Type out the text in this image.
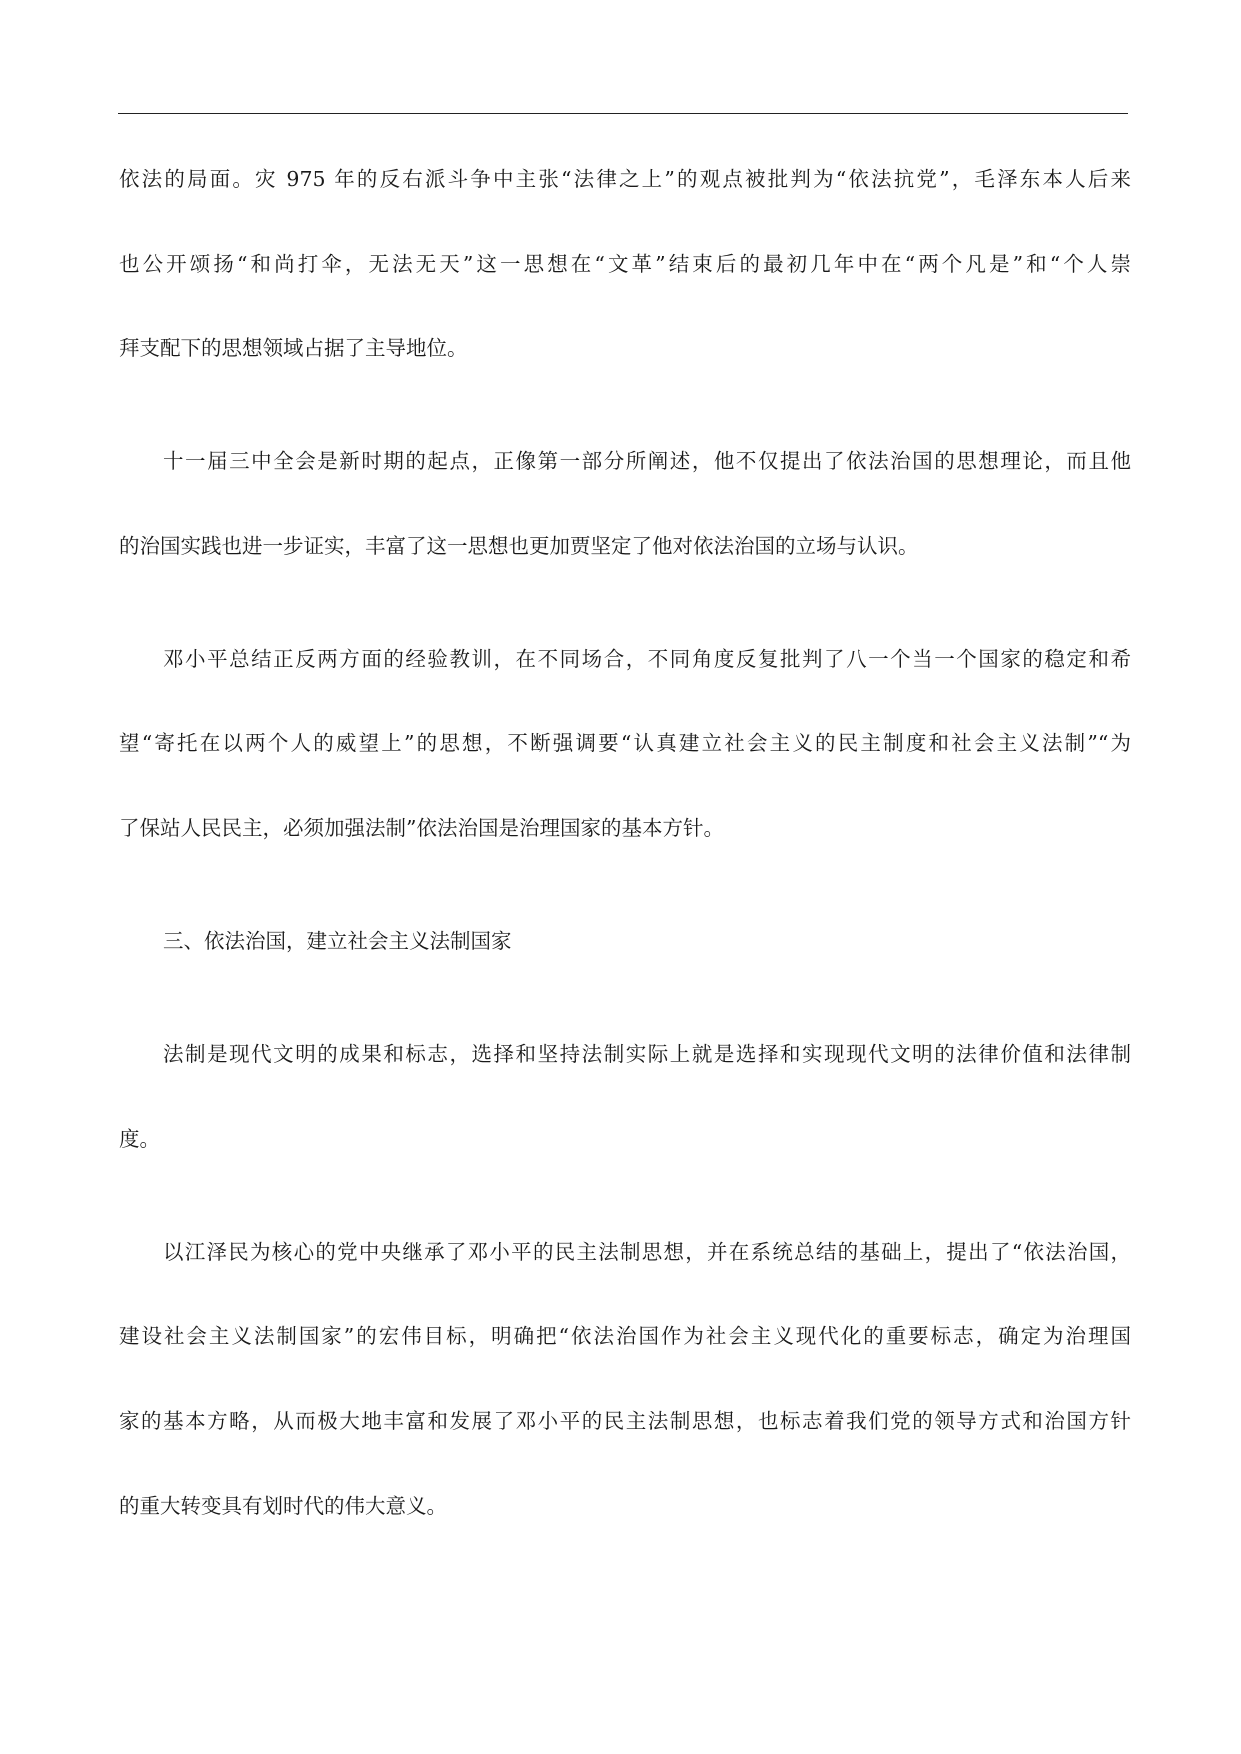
依法的局面。灾 975 年的反右派斗争中主张“法律之上”的观点被批判为“依法抗党”，毛泽东本人后来
也公开颂扬“和尚打伞，无法无天”这一思想在“文革”结束后的最初几年中在“两个凡是”和“个人崇
拜支配下的思想领域占据了主导地位。
十一届三中全会是新时期的起点，正像第一部分所阐述，他不仅提出了依法治国的思想理论，而且他
的治国实践也进一步证实，丰富了这一思想也更加贾坚定了他对依法治国的立场与认识。
邓小平总结正反两方面的经验教训，在不同场合，不同角度反复批判了八一个当一个国家的稳定和希
望“寄托在以两个人的威望上”的思想，不断强调要“认真建立社会主义的民主制度和社会主义法制”“为
了保站人民民主，必须加强法制”依法治国是治理国家的基本方针。
三、依法治国，建立社会主义法制国家
法制是现代文明的成果和标志，选择和坚持法制实际上就是选择和实现现代文明的法律价值和法律制
度。
以江泽民为核心的党中央继承了邓小平的民主法制思想，并在系统总结的基础上，提出了“依法治国，
建设社会主义法制国家”的宏伟目标，明确把“依法治国作为社会主义现代化的重要标志，确定为治理国
家的基本方略，从而极大地丰富和发展了邓小平的民主法制思想，也标志着我们党的领导方式和治国方针
的重大转变具有划时代的伟大意义。
